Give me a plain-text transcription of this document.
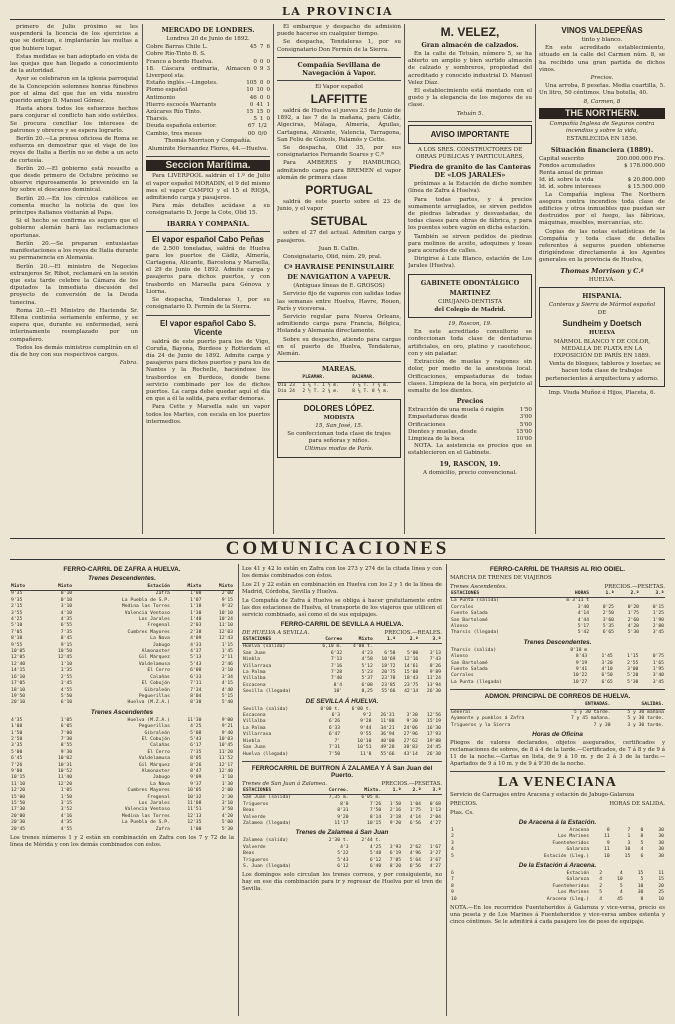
LA PROVINCIA

primero de Julio próximo se les suspenderá la licencia de los ejercicios a que se dedican, e implantarán las multas a que hubiere lugar.

Estas medidas se han adoptado en vista de las quejas que han llegado a conocimiento de la autoridad.

Ayer se celebraron en la iglesia parroquial de la Concepción solemnes honras fúnebres por el alma del que fue en vida nuestro querido amigo D. Manuel Gómez.

Hasta ahora todos los esfuerzos hechos para conjurar el conflicto han sido estériles. Se procura conciliar los intereses de patronos y obreros y se espera lograrlo.

Berlín 20.—La prensa oficiosa de Roma se esfuerza en demostrar que el viaje de los reyes de Italia a Berlín no se debe a un acto de cortesía.

Berlín 20.—El gobierno está resuelto a que desde primero de Octubre próximo se observe rigurosamente lo prevenido en la ley sobre el descanso dominical.

Berlín 20.—En los círculos católicos se comenta mucho la noticia de que los príncipes italianos visitarán al Papa.

Si el hecho se confirma es seguro que el gobierno alemán hará las reclamaciones oportunas.

Berlín 20.—Se preparan entusiastas manifestaciones a los reyes de Italia durante su permanencia en Alemania.

Berlín 20.—El ministro de Negocios extranjeros Sr. Ribot, reclamará en la sesión que esta tarde celebre la Cámara de los diputados la inmediata discusión del proyecto de conversión de la Deuda tunecina.

Roma 20.—El Ministro de Hacienda Sr. Ellena continúa seriamente enfermo, y se espera que, durante su enfermedad, será interinamente reemplazado por un compañero.

Todos los demás ministros cumplirán en el día de hoy con sus respectivos cargos.

Fabra.

MERCADO DE LONDRES.

Londres 20 de Junio de 1892.

Cobre Barras Chile L.	45 7 6
Cobre Río-Tinto B. S.
Franco a bordo Huelva.	0 0 0
18. Cáscara ordinaria, Almacen Liverpool sta.
0 9 3
Estaño inglés.—Lingotes.	105 0 0
Plomo español	10 10 0
Antimonio	46 0 0
Hierro escocés Warrants	0 41 1
Azúcares Río Tinto.	15 15 0
Tharsis.	5 1 0
Deuda española exterior.	67 1/2
Cambio, tres meses	00 0/0

Thomás Morrison y Compañía.

Aluminite Hernandez Flores, 44.—Huelva.

Seccion Marítima.

Para LIVERPOOL saldrán el 1.º de Julio el vapor español MORADIN, el 9 del mismo mes el vapor CAMPIO y el 15 el RIOJA, admitiendo carga y pasajeros.

Para más detalles acúdase a su consignatario D. Jorge la Cote, Olid 15.

IBARRA Y COMPAÑIA.
El vapor español Cabo Peñas

de 2.500 toneladas, saldrá de Huelva para los puertos de Cádiz, Almería, Cartagena, Alicante, Barcelona y Marsella, el 29 de Junio de 1892. Admite carga y pasajeros para dichos puertos, y con trasbordo en Marsella para Génova y Liorna.

Se despacha, Tendaleras 1, por su consignatario D. Fermín de la Sierra.

El vapor español Cabo S. Vicente

saldrá de este puerto para los de Vigo, Coruña, Bayona, Burdeos y Rotterdam el día 24 de Junio de 1892. Admite carga y pasajeros para dichos puertos y para los de Nantes y la Rochelle, haciéndose los trasbordos en Burdeos, donde tiene servicio combinado por los de dichos puertos. La carga debe quedar aquí el día en que a él la salida, para evitar demoras.

Para Cette y Marsella sale un vapor todos los Martes, con escala en los puertos intermedios.

El embarque y despacho de admisión puede hacerse en cualquier tiempo.

Se despacha, Tendaleras 1, por su Consignatario Don Fermín de la Sierra.

Compañía Sevillana de Navegación á Vapor.

El Vapor español

LAFFITTE

saldrá de Huelva el jueves 23 de Junio de 1892, a las 7 de la mañana, para Cádiz, Algeciras, Málaga, Almería, Águilas, Cartagena, Alicante, Valencia, Tarragona, San Feliu de Guixols, Palamós y Cette.

Se despacha, Olid 35, por sus consignatarios Fernando Soares y C.ª

Para AMBERES y HAMBURGO, admitiendo carga para BREMEN el vapor alemán de primera clase

PORTUGAL

saldrá de este puerto sobre el 23 de Junio, y el vapor

SETUBAL

sobre el 27 del actual. Admiten carga y pasajeros.

Juan B. Callin.

Consignatario, Olid, núm. 29, pral.

Cª HAVRAISE PENINSULAIRE
DE NAVIGATION A VAPEUR.

(Antiguas líneas de E. GROSOS)

Servicio fijo de vapores con salidas todas las semanas entre Huelva, Havre, Rouen, París y viceversa.

Servicio regular para Nueva Orleans, admitiendo carga para Francia, Bélgica, Holanda y Alemania directamente.

Sobre su despacho, atiendo para cargas en el puerto de Huelva, Tendaleras, Alemán.

MAREAS.
	PLEAMAR.	BAJAMAR.
Día 23	1 ¼ T. 1 ½ m.	7 ¼ T. 7 ¾ m.
Día 24	2 ½ T. 2 ¾ m.	8 ¼ T. 8 ½ m.
DOLORES LÓPEZ.

MODISTA

15, San José, 15.

Se confeccionan toda clase de trajes para señoras y niños.

Últimas modas de París.

M. VELEZ,
Gran almacén de calzados.

En la calle de Tetuán, número 5, se ha abierto un amplio y bien surtido almacén de calzado y sombreros, propiedad del acreditado y conocido industrial D. Manuel Velez Díaz.

El establecimiento está montado con el gusto y la elegancia de los mejores de su clase.

Tetuán 5.

AVISO IMPORTANTE

A LOS SRES. CONSTRUCTORES DE OBRAS PÚBLICAS Y PARTICULARES,

Piedra de granito de las Canteras DE «LOS JARALES»

próximas a la Estación de dicho nombre (línea de Zafra á Huelva).

Para todas partes, y á precios sumamente arreglados, se sirven pedidos de piedras labradas y desvastadas, de todas clases para obras de fábrica, y para los puentes sobre vagón en dicha estación.

También se sirven pedidos de piedras para molinos de aceite, adoquines y losas para acerados de calles.

Dirigirse á Luis Blanco, estación de Los Jarales (Huelva).

GABINETE ODONTÁLGICO
MARTINEZ

CIRUJANO-DENTISTA

del Colegio de Madrid.

19, Rascon, 19.

En este acreditado consultorio se confeccionan toda clase de dentaduras artificiales, en oro, platino y caoutchouc, con y sin paladar.

Extracción de muelas y raigones sin dolor, por medio de la anestesia local. Orificaciones, empastaduras de todas clases. Limpieza de la boca, sin perjuicio al esmalte de los dientes.

Precios
Extracción de una muela ó raigón	1'50
Empastaduras desde	3'00
Orificaciones	5'00
Dientes y muelas, desde	15'00
Limpieza de la boca	10'00

NOTA. La asistencia es precios que se establecieron en el Gabinete.

19, RASCON, 19.

A domicilio, precio convencional.

VINOS VALDEPEÑAS

tinto y blanco.

En este acreditado establecimiento, situado en la calle del Carmen núm. 8, se ha recibido una gran partida de dichos vinos.

Precios.

Una arroba, 8 pesetas. Media cuartilla, 5. Un litro, 50 céntimos. Una botella, 40.

8, Carmen, 8

THE NORTHERN.

Compañía Inglesa de Seguros contra incendios y sobre la vida,

ESTABLECIDA EN 1836.

Situación financiera (1889).
Capital suscrito	200.000.000 Frs.
Fondos acumulados	$ 178.000.000
Renta anual de primas
Id. íd. sobre la vida	$ 20.800.000
Id. íd. sobre intereses	$ 15.500.000

La Compañía inglesa The Northern asegura contra incendios toda clase de edificios y otros inmuebles que puedan ser destruidos por el fuego, las fábricas, máquinas, muebles, mercancías, etc.

Copias de las notas estadísticas de la Compañía y toda clase de detalles referentes á seguros pueden obtenerse dirigiéndose directamente á los Agentes generales en la provincia de Huelva,

Thomas Morrison y C.ª

HUELVA.

HISPANIA.

Canteras y Sierra de Mármol español

DE

Sundheim y Doetsch

HUELVA

MÁRMOL BLANCO Y DE COLOR, MEDALLA DE PLATA EN LA EXPOSICIÓN DE PARÍS EN 1889.

Venta de bloques, tableros y losetas; se hacen toda clase de trabajos pertenecientes á arquitectura y adorno.

Imp. Viuda Muñoz é Hijos, Placeta, 6.

COMUNICACIONES
FERRO-CARRIL DE ZAFRA A HUELVA.
Trenes Descendentes.
Mixto	Mixto	Estación	Mixto	Mixto
9'35	0'10	Zafra	1'00	2'00
9'35	0'10	La Puebla de S.P.	1'07	9'15
2'15	3'10	Medina las Torres	1'18	9'32
3'55	4'10	Valencia Ventoso	1'30	10'10
4'25	4'35	Los Jarales	1'40	10'24
5'10	6'55	Fregenal	2'03	11'10
7'05	7'35	Cumbres Mayores	2'38	12'03
8'10	8'45	La Nava	4'09	12'43
9'55	9'15	Jabugo	4'33	1'15
10'05	10'50	Almonaster	4'37	1'45
12'05	12'45	Gil Márquez	5'13	2'11
12'40	1'10	Valdelamusa	5'43	2'46
14'15	1'35	El Cerro	6'08	3'10
16'10	2'55	Calañas	6'33	3'34
17'05	3'45	El Cobujón	7'11	4'15
18'10	4'55	Gibraleón	7'34	4'40
19'50	5'50	Peguerillas	8'04	5'15
20'10	6'10	Huelva (M.Z.A.)	8'30	5'40
Trenes Ascendentes
4'35	1'05	Huelva (M.Z.A.)	11'30	9'00
1'08	6'05	Peguerillas	4'25	9'21
1'50	7'00	Gibraleón	5'08	9'40
2'50	7'30	El Cobujón	5'43	10'03
3'35	8'55	Calañas	6'17	10'45
5'00	9'30	El Cerro	7'35	11'20
6'45	10'02	Valdelamusa	8'05	11'52
7'26	10'31	Gil Márquez	8'26	12'17
9'00	10'52	Almonaster	8'47	12'40
10'15	11'40	Jabugo	9'09	1'10
11'10	12'20	La Nava	9'37	1'30
12'20	1'05	Cumbres Mayores	10'05	2'00
15'00	1'50	Fregenal	10'32	2'30
15'50	3'15	Los Jarales	11'08	3'10
17'30	3'52	Valencia Ventoso	11'51	3'50
20'00	4'16	Medina las Torres	12'13	4'20
20'30	4'35	La Puebla de S.P.	12'35	5'00
20'45	4'55	Zafra	1'00	5'30

Los trenes números 1 y 2 están en combinación en Zafra con los 7 y 72 de la línea de Mérida y con los demás combinados con estos.

Los 41 y 42 lo están en Zafra con los 273 y 274 de la citada línea y con los demás combinados con éstos.

Los 21 y 22 están en combinación en Huelva con los 2 y 1 de la línea de Madrid, Córdoba, Sevilla y Huelva.

La Compañía de Zafra á Huelva se obliga á hacer gratuitamente entre las dos estaciones de Huelva, el transporte de los viajeros que utilicen el servicio combinado, así como el de sus equipajes.

FERRO-CARRIL DE SEVILLA A HUELVA.
DE HUELVA A SEVILLA.	PRECIOS.—REALES.
ESTACIONES	Correo	Mixto	1.ª	2.ª	3.ª
Huelva (salida)	6,10 m.	4'00 t.			
San Juan	6'32	4'23	6'58	5'00	3'13
Niebla	7'13	4'58	10'69	12'16	7'43
Villarrasa	7'16	5'12	18'72	14'61	8'26
La Palma	7'28	5'23	20'75	15'08	9'89
Villalba	7'40	5'37	23'78	18'43	11'24
Escacena	8'4	6'08	23'85	23'75	13'94
Sevilla (llegada)	10'	8,25	55'66	42'14	26'30
DE SEVILLA Á HUELVA.
Sevilla (salida)	8'00 t.	6'00 t.			
Escacena	6'3	9'2	26'31	3'30	12'56
Villalba	6'26	9'28	11'88	9'30	15'19
La Palma	6'33	9'44	34'21	24'06	16'30
Villarrasa	6'47	9'55	36'94	27'96	17'93
Niebla	7'	10'10	40'00	27'62	19'88
San Juan	7'31	10'51	49'28	38'83	24'45
Huelva (llegada)	7'50	11'8	55'66	43'14	26'30
FERROCARRIL DE BUITRON Á ZALAMEA Y Á San Juan del Puerto.
Trenes de San Juan á Zalamea.	PRECIOS.—PESETAS.
ESTACIONES	Correo.	Mixto.	1.ª	2.ª	3.ª
San Juan (salida)	7,35 m.	6'05 m.			
Trigueros	8'8	7'26	1'50	1'04	0'68
Beas	8'31	7'50	2'16	1'75	1'13
Valverde	9'20	8'14	3'18	4'14	2'04
Zalamea (llegada)	11'17	10'15	9'20	6'56	4'27
Trenes de Zalamea á San Juan
Zalamea (salida)	2'30 t.	2'44 t.			
Valverde	4'3	4'25	3'93	2'62	1'67
Beas	5'22	5'48	6'19	4'96	3'27
Trigueros	5'43	6'12	7'05	5'64	3'67
S. Juan (llegada)	6'12	6'40	8'20	6'56	4'27

Los domingos solo circulan los trenes correos, y por consiguiente, no hay en ese día combinación para ir y regresar de Huelva por el tren de Sevilla.

FERRO-CARRIL DE THARSIS AL RIO ODIEL.

MARCHA DE TRENES DE VIAJEROS

Trenes Ascendentes.	PRECIOS.—PESETAS.
ESTACIONES	HORAS	1.ª	2.ª	3.ª
La Punta (salida)	m 3'11 t			
Corrales	3'40	0'25	0'20	0'15
Fuente Salada	4'14	2'50	1'75	1'25
San Bartolomé	4'44	3'60	2'60	1'90
Alonso	5'17	5'35	4'20	2'80
Tharsis (llegada)	5'42	6'65	5'30	3'45
Trenes Descendentes.
Tharsis (salida)	8'18 m			
Alonso	8'43	1'45	1'15	0'75
San Bartolomé	9'19	3'20	2'55	1'65
Fuente Salada	9'41	4'10	3'00	1'95
Corrales	10'22	6'50	5'20	3'40
La Punta (llegada)	10'27	6'65	5'30	3'45
ADMON. PRINCIPAL DE CORREOS DE HUELVA.
	ENTRADAS.	SALIDAS.
General	5 y 30 tarde.	5 y 30 mañana
Ayamonte y pueblos á Zafra	7 y 45 mañana.	5 y 30 tarde.
Trigueros y la Sierra	7 y 30	3 y 30 tarde.
Horas de Oficina

Pliegos de valores declarados, objetos asegurados, certificados y reclamaciones de sobres, de 8 á 4 de la tarde.—Certificados, de 7 á 8 y de 9 á 11 de la noche.—Cartas en lista, de 9 á 10 m. y de 2 á 3 de la tarde.—Apartados de 9 á 10 m. y de 9 á 9'30 de la noche.

LA VENECIANA

Servicio de Carruajes entre Aracena y estación de Jabugo-Galaroza

PRECIOS.	HORAS DE SALIDA.

Ptas. Cs.

De Aracena á la Estación.
1	Aracena	8	7	0	30
2	Los Marines	11	1	8	30
3	Fuenteheridos	9	3	5	30
4	Galaroza	11	10	4	30
5	Estación (Lleg.)	10	15	6	30
De la Estación á Aracena.
6	Estación	2	4	15	11
7	Galaroza	4	10	5	15
8	Fuenteheridos	2	5	10	20
9	Los Marines	5	4	30	25
10	Aracena (Lleg.)	4	45	8	10

NOTA.—En los recorridos Fuenteheridos á Galaroza y vice-versa, precio es una peseta y de Los Marines á Fuenteheridos y vice-versa ambos estenta y cinco céntimos. Se le admitirá á cada pasajero los de peso de equipaje.
